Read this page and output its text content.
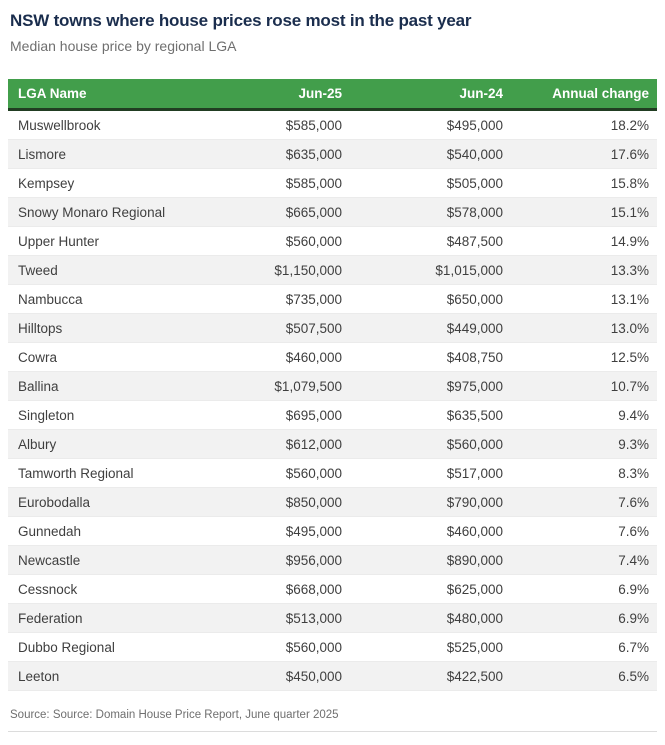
NSW towns where house prices rose most in the past year
Median house price by regional LGA
LGA Name	Jun-25	Jun-24	Annual change
Muswellbrook	$585,000	$495,000	18.2%
Lismore	$635,000	$540,000	17.6%
Kempsey	$585,000	$505,000	15.8%
Snowy Monaro Regional	$665,000	$578,000	15.1%
Upper Hunter	$560,000	$487,500	14.9%
Tweed	$1,150,000	$1,015,000	13.3%
Nambucca	$735,000	$650,000	13.1%
Hilltops	$507,500	$449,000	13.0%
Cowra	$460,000	$408,750	12.5%
Ballina	$1,079,500	$975,000	10.7%
Singleton	$695,000	$635,500	9.4%
Albury	$612,000	$560,000	9.3%
Tamworth Regional	$560,000	$517,000	8.3%
Eurobodalla	$850,000	$790,000	7.6%
Gunnedah	$495,000	$460,000	7.6%
Newcastle	$956,000	$890,000	7.4%
Cessnock	$668,000	$625,000	6.9%
Federation	$513,000	$480,000	6.9%
Dubbo Regional	$560,000	$525,000	6.7%
Leeton	$450,000	$422,500	6.5%
Source: Source: Domain House Price Report, June quarter 2025
